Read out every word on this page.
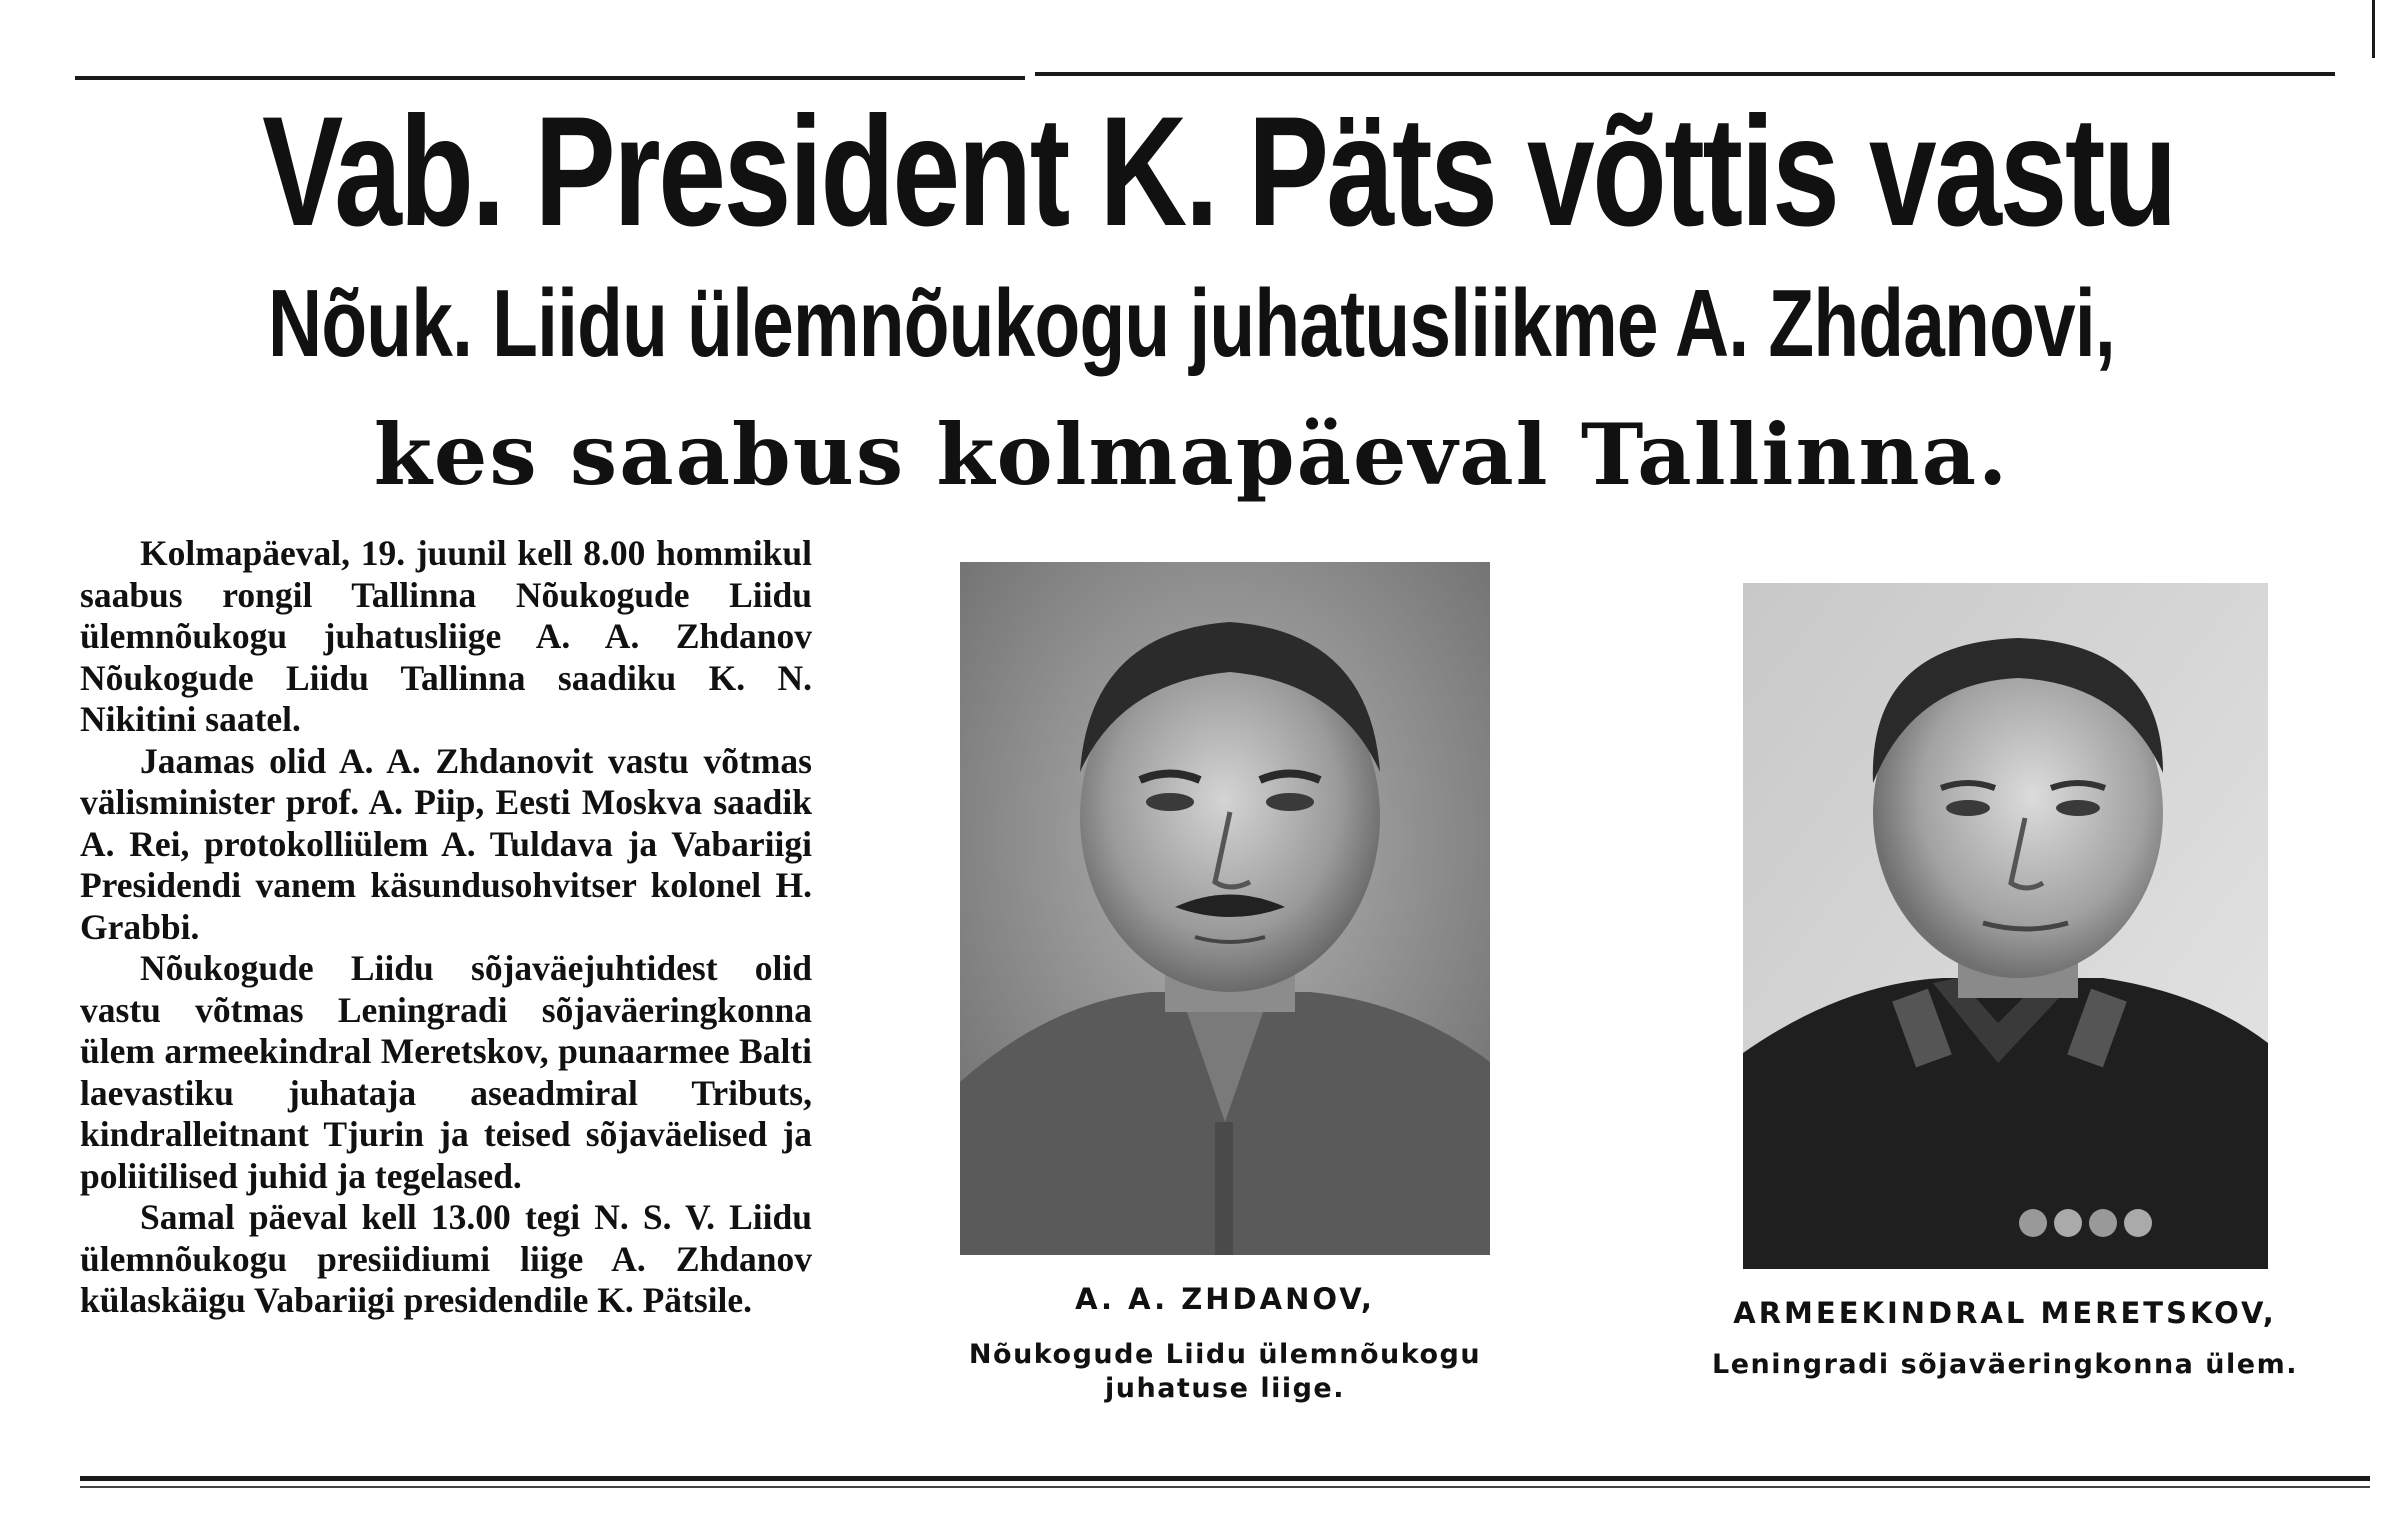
Vab. President K. Päts võttis vastu
Nõuk. Liidu ülemnõukogu juhatusliikme A. Zhdanovi,
kes saabus kolmapäeval Tallinna.

Kolmapäeval, 19. juunil kell 8.00 hommikul saabus rongil Tallinna Nõukogude Liidu ülemnõukogu juhatusliige A. A. Zhdanov Nõukogude Liidu Tallinna saadiku K. N. Nikitini saatel.

Jaamas olid A. A. Zhdanovit vastu võtmas välisminister prof. A. Piip, Eesti Moskva saadik A. Rei, protokolliülem A. Tuldava ja Vabariigi Presidendi vanem käsundusohvitser kolonel H. Grabbi.

Nõukogude Liidu sõjaväejuhtidest olid vastu võtmas Leningradi sõjaväeringkonna ülem armeekindral Meretskov, punaarmee Balti laevastiku juhataja aseadmiral Tributs, kindralleitnant Tjurin ja teised sõjaväelised ja poliitilised juhid ja tegelased.

Samal päeval kell 13.00 tegi N. S. V. Liidu ülemnõukogu presiidiumi liige A. Zhdanov külaskäigu Vabariigi presidendile K. Pätsile.	A. A. ZHDANOV,
Nõukogude Liidu ülemnõukogu
juhatuse liige.
ARMEEKINDRAL MERETSKOV,
Leningradi sõjaväeringkonna ülem.
